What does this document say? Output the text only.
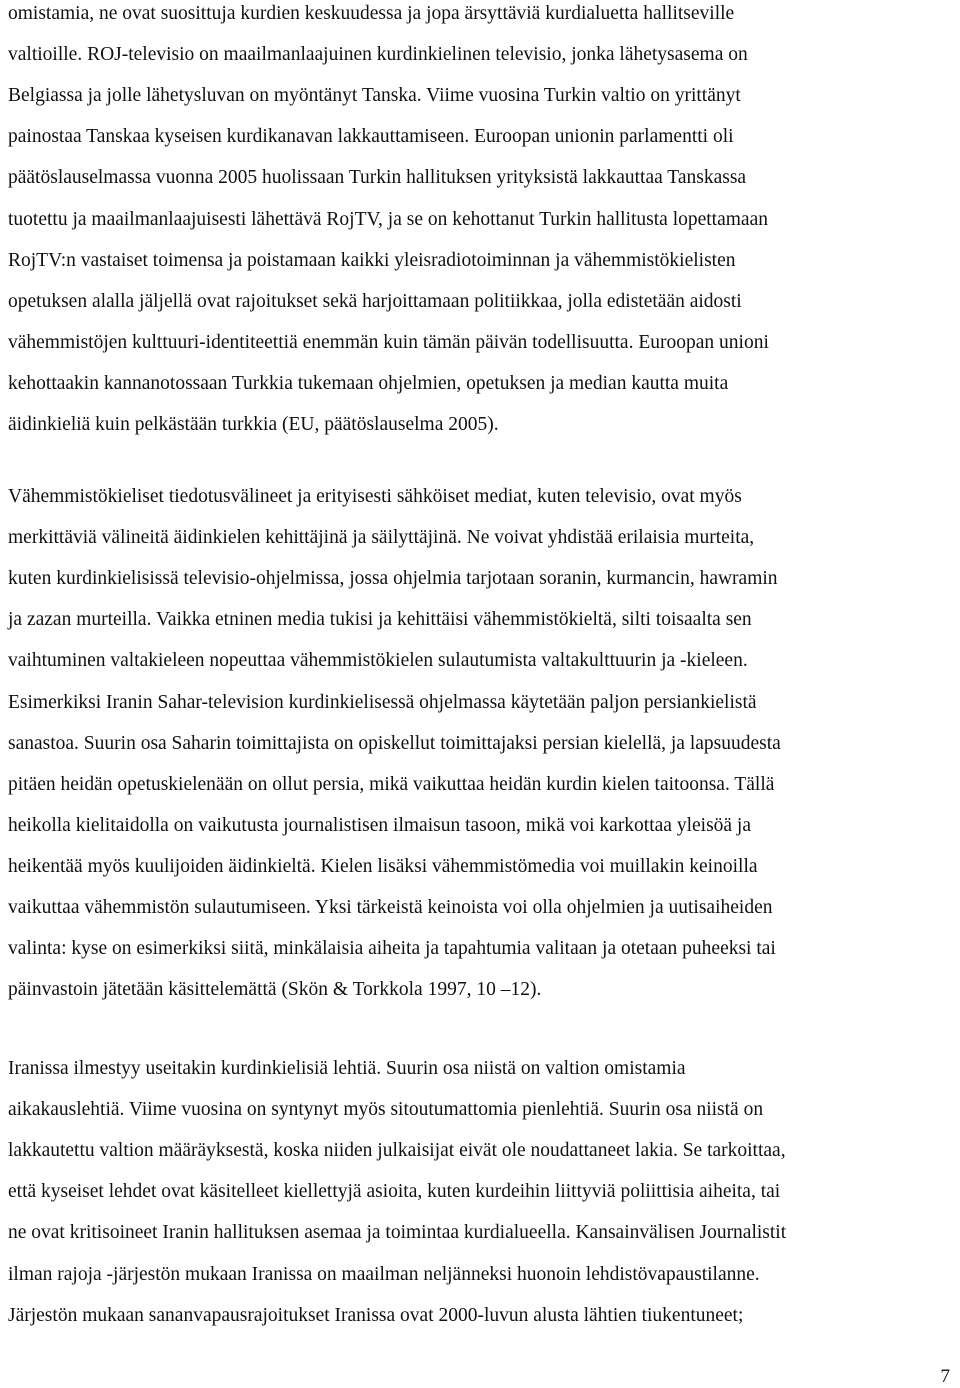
omistamia, ne ovat suosittuja kurdien keskuudessa ja jopa ärsyttäviä kurdialuetta hallitseville

valtioille. ROJ-televisio on maailmanlaajuinen kurdinkielinen televisio, jonka lähetysasema on

Belgiassa ja jolle lähetysluvan on myöntänyt Tanska. Viime vuosina Turkin valtio on yrittänyt

painostaa Tanskaa kyseisen kurdikanavan lakkauttamiseen. Euroopan unionin parlamentti oli

päätöslauselmassa vuonna 2005 huolissaan Turkin hallituksen yrityksistä lakkauttaa Tanskassa

tuotettu ja maailmanlaajuisesti lähettävä RojTV, ja se on kehottanut Turkin hallitusta lopettamaan

RojTV:n vastaiset toimensa ja poistamaan kaikki yleisradiotoiminnan ja vähemmistökielisten

opetuksen alalla jäljellä ovat rajoitukset sekä harjoittamaan politiikkaa, jolla edistetään aidosti

vähemmistöjen kulttuuri-identiteettiä enemmän kuin tämän päivän todellisuutta. Euroopan unioni

kehottaakin kannanotossaan Turkkia tukemaan ohjelmien, opetuksen ja median kautta muita

äidinkieliä kuin pelkästään turkkia (EU, päätöslauselma 2005).

Vähemmistökieliset tiedotusvälineet ja erityisesti sähköiset mediat, kuten televisio, ovat myös

merkittäviä välineitä äidinkielen kehittäjinä ja säilyttäjinä. Ne voivat yhdistää erilaisia murteita,

kuten kurdinkielisissä televisio-ohjelmissa, jossa ohjelmia tarjotaan soranin, kurmancin, hawramin

ja zazan murteilla. Vaikka etninen media tukisi ja kehittäisi vähemmistökieltä, silti toisaalta sen

vaihtuminen valtakieleen nopeuttaa vähemmistökielen sulautumista valtakulttuurin ja -kieleen.

Esimerkiksi Iranin Sahar-television kurdinkielisessä ohjelmassa käytetään paljon persiankielistä

sanastoa. Suurin osa Saharin toimittajista on opiskellut toimittajaksi persian kielellä, ja lapsuudesta

pitäen heidän opetuskielenään on ollut persia, mikä vaikuttaa heidän kurdin kielen taitoonsa. Tällä

heikolla kielitaidolla on vaikutusta journalistisen ilmaisun tasoon, mikä voi karkottaa yleisöä ja

heikentää myös kuulijoiden äidinkieltä. Kielen lisäksi vähemmistömedia voi muillakin keinoilla

vaikuttaa vähemmistön sulautumiseen. Yksi tärkeistä keinoista voi olla ohjelmien ja uutisaiheiden

valinta: kyse on esimerkiksi siitä, minkälaisia aiheita ja tapahtumia valitaan ja otetaan puheeksi tai

päinvastoin jätetään käsittelemättä (Skön & Torkkola 1997, 10 –12).

Iranissa ilmestyy useitakin kurdinkielisiä lehtiä. Suurin osa niistä on valtion omistamia

aikakauslehtiä. Viime vuosina on syntynyt myös sitoutumattomia pienlehtiä. Suurin osa niistä on

lakkautettu valtion määräyksestä, koska niiden julkaisijat eivät ole noudattaneet lakia. Se tarkoittaa,

että kyseiset lehdet ovat käsitelleet kiellettyjä asioita, kuten kurdeihin liittyviä poliittisia aiheita, tai

ne ovat kritisoineet Iranin hallituksen asemaa ja toimintaa kurdialueella. Kansainvälisen Journalistit

ilman rajoja -järjestön mukaan Iranissa on maailman neljänneksi huonoin lehdistövapaustilanne.

Järjestön mukaan sananvapausrajoitukset Iranissa ovat 2000-luvun alusta lähtien tiukentuneet;

7
